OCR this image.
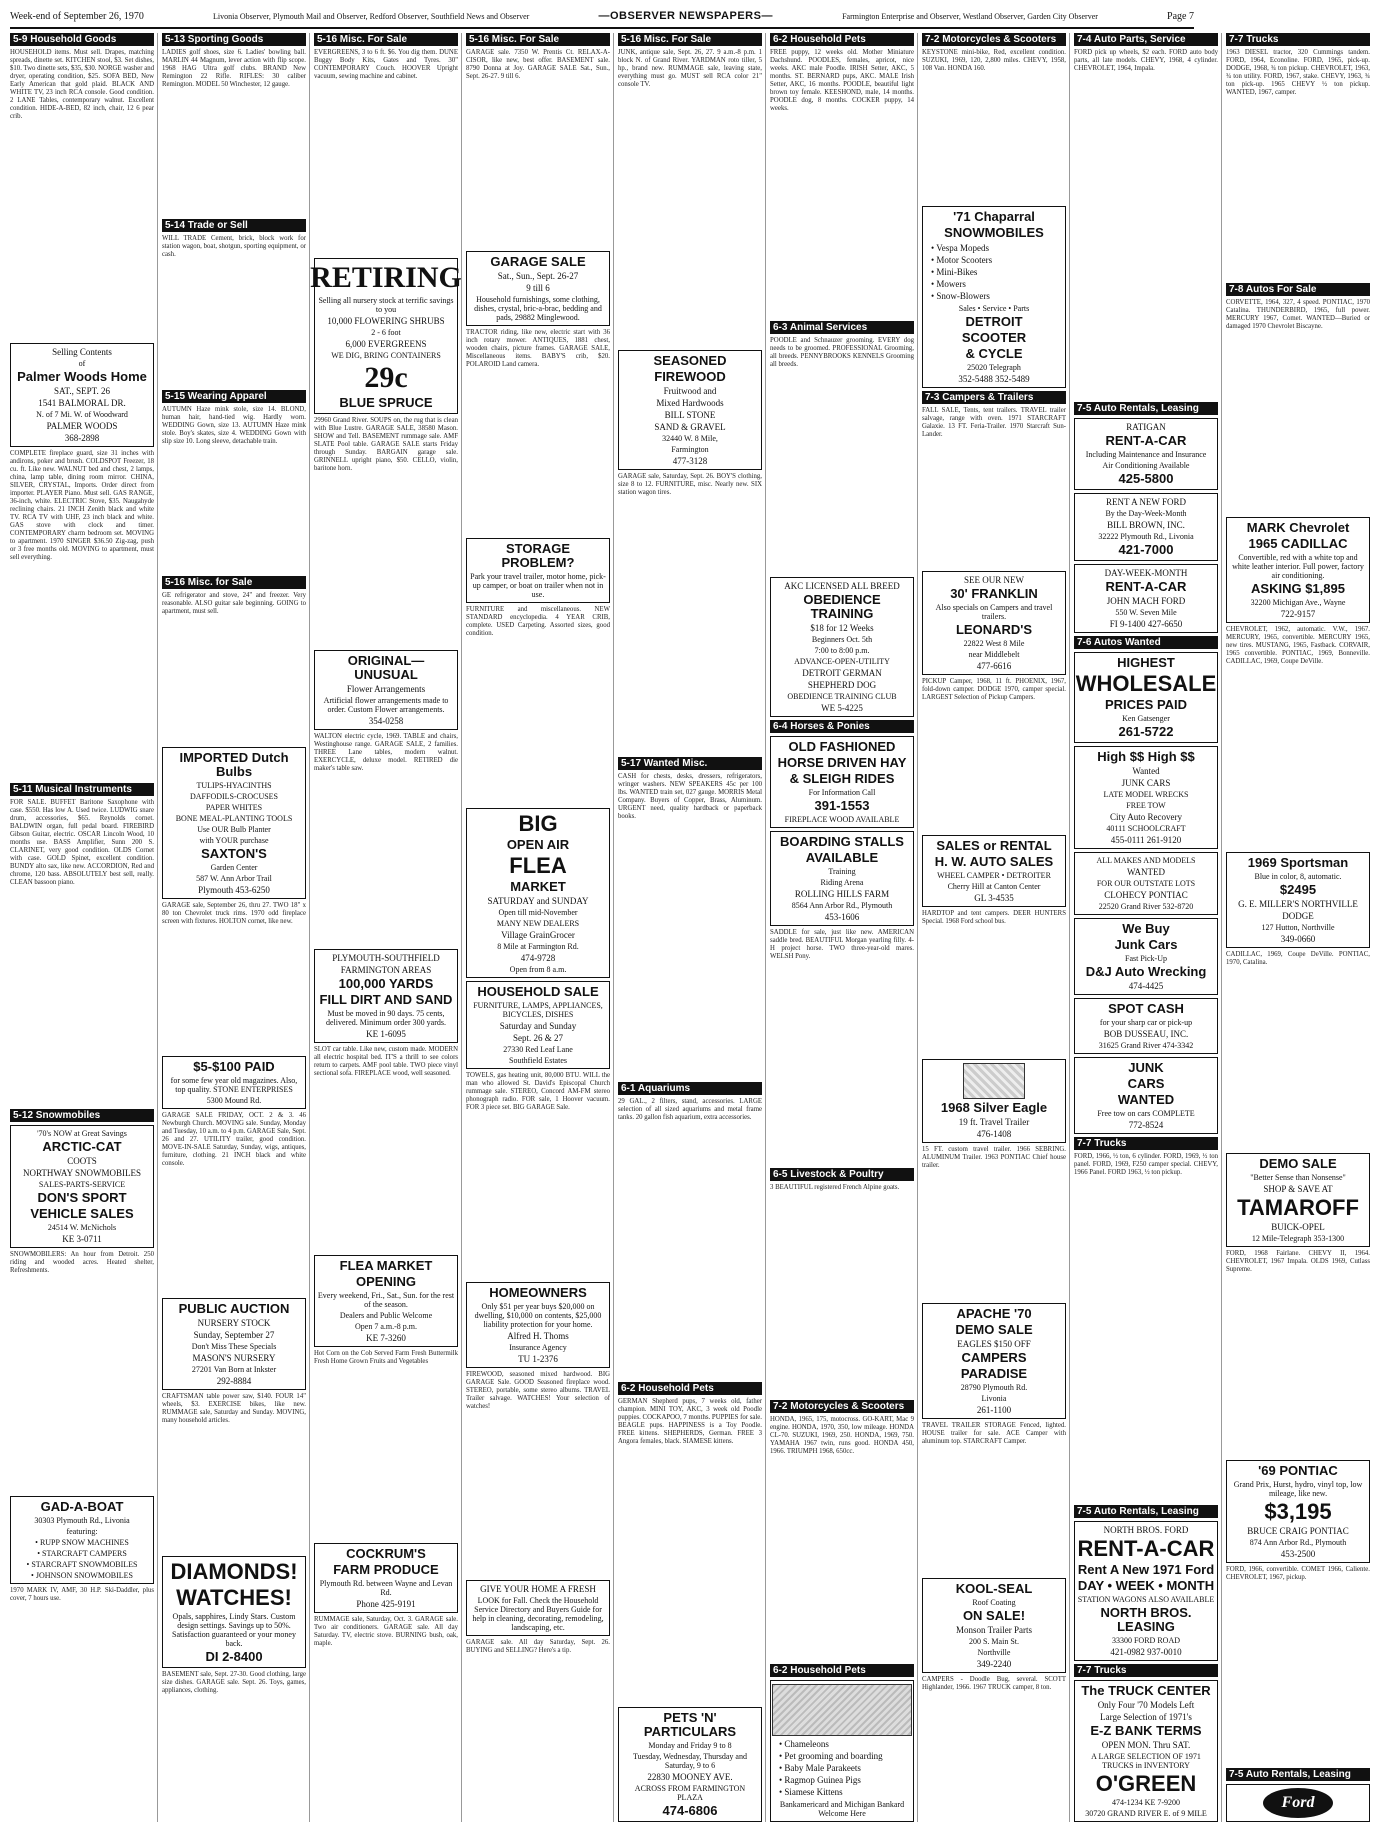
Week-end of September 26, 1970	Livonia Observer, Plymouth Mail and Observer, Redford Observer, Southfield News and Observer	—OBSERVER NEWSPAPERS—	Farmington Enterprise and Observer, Westland Observer, Garden City Observer	Page 7
5-9 Household Goods
HOUSEHOLD items. Must sell. Drapes, matching spreads, dinette set. KITCHEN stool, $3. Set dishes, $10. Two dinette sets, $35, $30. NORGE washer and dryer, operating condition, $25. SOFA BED, New Early American that gold plaid. BLACK AND WHITE TV, 23 inch RCA console. Good condition. 2 LANE Tables, contemporary walnut. Excellent condition. HIDE-A-BED, 82 inch, chair, 12 6 pear crib.
Selling Contents
of
Palmer Woods Home
SAT., SEPT. 26
1541 BALMORAL DR.
N. of 7 Mi. W. of Woodward
PALMER WOODS
368-2898
COMPLETE fireplace guard, size 31 inches with andirons, poker and brush. COLDSPOT Freezer, 18 cu. ft. Like new. WALNUT bed and chest, 2 lamps, china, lamp table, dining room mirror. CHINA, SILVER, CRYSTAL, Imports. Order direct from importer. PLAYER Piano. Must sell. GAS RANGE, 36-inch, white. ELECTRIC Stove, $35. Naugahyde reclining chairs. 21 INCH Zenith black and white TV. RCA TV with UHF, 23 inch black and white. GAS stove with clock and timer. CONTEMPORARY charm bedroom set. MOVING to apartment. 1970 SINGER $36.50 Zig-zag, push or 3 free months old. MOVING to apartment, must sell everything.
5-11 Musical Instruments
FOR SALE. BUFFET Baritone Saxophone with case. $550. Has low A. Used twice. LUDWIG snare drum, accessories, $65. Reynolds cornet. BALDWIN organ, full pedal board. FIREBIRD Gibson Guitar, electric. OSCAR Lincoln Wood, 10 months use. BASS Amplifier, Sunn 200 S. CLARINET, very good condition. OLDS Cornet with case. GOLD Spinet, excellent condition. BUNDY alto sax, like new. ACCORDION, Red and chrome, 120 bass. ABSOLUTELY best sell, really. CLEAN bassoon piano.
5-12 Snowmobiles
'70's NOW at Great Savings
ARCTIC-CAT
COOTS
NORTHWAY SNOWMOBILES
SALES-PARTS-SERVICE
DON'S SPORT
VEHICLE SALES
24514 W. McNichols
KE 3-0711
SNOWMOBILERS: An hour from Detroit. 250 riding and wooded acres. Heated shelter, Refreshments.
GAD-A-BOAT
30303 Plymouth Rd., Livonia
featuring:
• RUPP SNOW MACHINES
• STARCRAFT CAMPERS
• STARCRAFT SNOWMOBILES
• JOHNSON SNOWMOBILES
1970 MARK IV, AMF, 30 H.P. Ski-Daddler, plus cover, 7 hours use.
5-13 Sporting Goods
LADIES golf shoes, size 6. Ladies' bowling ball. MARLIN 44 Magnum, lever action with flip scope. 1968 HAG Ultra golf clubs. BRAND New Remington 22 Rifle. RIFLES: 30 caliber Remington. MODEL 50 Winchester, 12 gauge.
5-14 Trade or Sell
WILL TRADE Cement, brick, block work for station wagon, boat, shotgun, sporting equipment, or cash.
5-15 Wearing Apparel
AUTUMN Haze mink stole, size 14. BLOND, human hair, hand-tied wig. Hardly worn. WEDDING Gown, size 13. AUTUMN Haze mink stole. Boy's skates, size 4. WEDDING Gown with slip size 10. Long sleeve, detachable train.
5-16 Misc. for Sale
GE refrigerator and stove, 24" and freezer. Very reasonable. ALSO guitar sale beginning. GOING to apartment, must sell.
IMPORTED Dutch Bulbs
TULIPS-HYACINTHS
DAFFODILS-CROCUSES
PAPER WHITES
BONE MEAL-PLANTING TOOLS
Use OUR Bulb Planter
with YOUR purchase
SAXTON'S
Garden Center
587 W. Ann Arbor Trail
Plymouth 453-6250
GARAGE sale, September 26, thru 27. TWO 18" x 80 ton Chevrolet truck rims. 1970 odd fireplace screen with fixtures. HOLTON cornet, like new.
$5-$100 PAID
for some few year old magazines. Also, top quality. STONE ENTERPRISES
5300 Mound Rd.
GARAGE SALE FRIDAY, OCT. 2 & 3. 46 Newburgh Church. MOVING sale. Sunday, Monday and Tuesday, 10 a.m. to 4 p.m. GARAGE Sale, Sept. 26 and 27. UTILITY trailer, good condition. MOVE-IN-SALE Saturday, Sunday, wigs, antiques, furniture, clothing. 21 INCH black and white console.
PUBLIC AUCTION
NURSERY STOCK
Sunday, September 27
Don't Miss These Specials
MASON'S NURSERY
27201 Van Born at Inkster
292-8884
CRAFTSMAN table power saw, $140. FOUR 14" wheels, $3. EXERCISE bikes, like new. RUMMAGE sale, Saturday and Sunday. MOVING, many household articles.
DIAMONDS!
WATCHES!
Opals, sapphires, Lindy Stars. Custom design settings. Savings up to 50%. Satisfaction guaranteed or your money back.
DI 2-8400
BASEMENT sale, Sept. 27-30. Good clothing, large size dishes. GARAGE sale. Sept. 26. Toys, games, appliances, clothing.
5-16 Misc. For Sale
EVERGREENS, 3 to 6 ft. $6. You dig them. DUNE Buggy Body Kits, Gates and Tyres. 30" CONTEMPORARY Couch. HOOVER Upright vacuum, sewing machine and cabinet.
RETIRING
Selling all nursery stock at terrific savings to you
10,000 FLOWERING SHRUBS
2 - 6 foot
6,000 EVERGREENS
WE DIG, BRING CONTAINERS
29c
BLUE SPRUCE
29960 Grand River. SOUPS on, the rug that is clean with Blue Lustre. GARAGE SALE, 38580 Mason. SHOW and Tell. BASEMENT rummage sale. AMF SLATE Pool table. GARAGE SALE starts Friday through Sunday. BARGAIN garage sale. GRINNELL upright piano, $50. CELLO, violin, baritone horn.
ORIGINAL—UNUSUAL
Flower Arrangements
Artificial flower arrangements made to order. Custom Flower arrangements.
354-0258
WALTON electric cycle, 1969. TABLE and chairs, Westinghouse range. GARAGE SALE, 2 families. THREE Lane tables, modern walnut. EXERCYCLE, deluxe model. RETIRED die maker's table saw.
PLYMOUTH-SOUTHFIELD
FARMINGTON AREAS
100,000 YARDS
FILL DIRT AND SAND
Must be moved in 90 days. 75 cents, delivered. Minimum order 300 yards.
KE 1-6095
SLOT car table. Like new, custom made. MODERN all electric hospital bed. IT'S a thrill to see colors return to carpets. AMF pool table. TWO piece vinyl sectional sofa. FIREPLACE wood, well seasoned.
FLEA MARKET
OPENING
Every weekend, Fri., Sat., Sun. for the rest of the season.
Dealers and Public Welcome
Open 7 a.m.-8 p.m.
KE 7-3260
Hot Corn on the Cob Served Farm Fresh Buttermilk Fresh Home Grown Fruits and Vegetables
COCKRUM'S
FARM PRODUCE
Plymouth Rd. between Wayne and Levan Rd.
Phone 425-9191
RUMMAGE sale, Saturday, Oct. 3. GARAGE sale. Two air conditioners. GARAGE sale. All day Saturday. TV, electric stove. BURNING bush, oak, maple.
5-16 Misc. For Sale
GARAGE sale. 7350 W. Prentis Ct. RELAX-A-CISOR, like new, best offer. BASEMENT sale. 8790 Donna at Joy. GARAGE SALE Sat., Sun., Sept. 26-27. 9 till 6.
GARAGE SALE
Sat., Sun., Sept. 26-27
9 till 6
Household furnishings, some clothing, dishes, crystal, bric-a-brac, bedding and pads, 29882 Minglewood.
TRACTOR riding, like new, electric start with 36 inch rotary mower. ANTIQUES, 1881 chest, wooden chairs, picture frames. GARAGE SALE, Miscellaneous items. BABY'S crib, $20. POLAROID Land camera.
STORAGE PROBLEM?
Park your travel trailer, motor home, pick-up camper, or boat on trailer when not in use.
FURNITURE and miscellaneous. NEW STANDARD encyclopedia. 4 YEAR CRIB, complete. USED Carpeting. Assorted sizes, good condition.
BIG
OPEN AIR
FLEA
MARKET
SATURDAY and SUNDAY
Open till mid-November
MANY NEW DEALERS
Village GrainGrocer
8 Mile at Farmington Rd.
474-9728
Open from 8 a.m.
HOUSEHOLD SALE
FURNITURE, LAMPS, APPLIANCES, BICYCLES, DISHES
Saturday and Sunday
Sept. 26 & 27
27330 Red Leaf Lane
Southfield Estates
TOWELS, gas heating unit, 80,000 BTU. WILL the man who allowed St. David's Episcopal Church rummage sale. STEREO, Concord AM-FM stereo phonograph radio. FOR sale, 1 Hoover vacuum. FOR 3 piece set. BIG GARAGE Sale.
HOMEOWNERS
Only $51 per year buys $20,000 on dwelling, $10,000 on contents, $25,000 liability protection for your home.
Alfred H. Thoms
Insurance Agency
TU 1-2376
FIREWOOD, seasoned mixed hardwood. BIG GARAGE Sale. GOOD Seasoned fireplace wood. STEREO, portable, some stereo albums. TRAVEL Trailer salvage. WATCHES! Your selection of watches!
GIVE YOUR HOME A FRESH
LOOK for Fall. Check the Household Service Directory and Buyers Guide for help in cleaning, decorating, remodeling, landscaping, etc.
GARAGE sale. All day Saturday, Sept. 26. BUYING and SELLING? Here's a tip.
5-16 Misc. For Sale
JUNK, antique sale, Sept. 26, 27. 9 a.m.-8 p.m. 1 block N. of Grand River. YARDMAN roto tiller, 5 hp., brand new. RUMMAGE sale, leaving state, everything must go. MUST sell RCA color 21" console TV.
SEASONED
FIREWOOD
Fruitwood and
Mixed Hardwoods
BILL STONE
SAND & GRAVEL
32440 W. 8 Mile,
Farmington
477-3128
GARAGE sale, Saturday, Sept. 26. BOY'S clothing, size 8 to 12. FURNITURE, misc. Nearly new. SIX station wagon tires.
5-17 Wanted Misc.
CASH for chests, desks, dressers, refrigerators, wringer washers. NEW SPEAKERS 45c per 100 lbs. WANTED train set, 027 gauge. MORRIS Metal Company. Buyers of Copper, Brass, Aluminum. URGENT need, quality hardback or paperback books.
6-1 Aquariums
29 GAL., 2 filters, stand, accessories. LARGE selection of all sized aquariums and metal frame tanks. 20 gallon fish aquarium, extra accessories.
6-2 Household Pets
GERMAN Shepherd pups, 7 weeks old, father champion. MINI TOY, AKC, 3 week old Poodle puppies. COCKAPOO, 7 months. PUPPIES for sale. BEAGLE pups. HAPPINESS is a Toy Poodle. FREE kittens. SHEPHERDS, German. FREE 3 Angora females, black. SIAMESE kittens.
PETS 'N' PARTICULARS
Monday and Friday 9 to 8
Tuesday, Wednesday, Thursday and Saturday, 9 to 6
22830 MOONEY AVE.
ACROSS FROM FARMINGTON PLAZA
474-6806
6-2 Household Pets
FREE puppy, 12 weeks old. Mother Miniature Dachshund. POODLES, females, apricot, nice weeks. AKC male Poodle. IRISH Setter, AKC, 5 months. ST. BERNARD pups, AKC. MALE Irish Setter, AKC, 16 months. POODLE, beautiful light brown toy female. KEESHOND, male, 14 months. POODLE dog, 8 months. COCKER puppy, 14 weeks.
6-3 Animal Services
POODLE and Schnauzer grooming. EVERY dog needs to be groomed. PROFESSIONAL Grooming, all breeds. PENNYBROOKS KENNELS Grooming all breeds.
AKC LICENSED ALL BREED
OBEDIENCE TRAINING
$18 for 12 Weeks
Beginners Oct. 5th
7:00 to 8:00 p.m.
ADVANCE-OPEN-UTILITY
DETROIT GERMAN
SHEPHERD DOG
OBEDIENCE TRAINING CLUB
WE 5-4225
6-4 Horses & Ponies
OLD FASHIONED
HORSE DRIVEN HAY
& SLEIGH RIDES
For Information Call
391-1553
FIREPLACE WOOD AVAILABLE
BOARDING STALLS
AVAILABLE
Training
Riding Arena
ROLLING HILLS FARM
8564 Ann Arbor Rd., Plymouth
453-1606
SADDLE for sale, just like new. AMERICAN saddle bred. BEAUTIFUL Morgan yearling filly. 4-H project horse. TWO three-year-old mares. WELSH Pony.
6-5 Livestock & Poultry
3 BEAUTIFUL registered French Alpine goats.
7-2 Motorcycles & Scooters
HONDA, 1965, 175, motocross. GO-KART, Mac 9 engine. HONDA, 1970, 350, low mileage. HONDA CL-70. SUZUKI, 1969, 250. HONDA, 1969, 750. YAMAHA 1967 twin, runs good. HONDA 450, 1966. TRIUMPH 1968, 650cc.
6-2 Household Pets
• Chameleons
• Pet grooming and boarding
• Baby Male Parakeets
• Ragmop Guinea Pigs
• Siamese Kittens
Bankamericard and Michigan Bankard Welcome Here
7-2 Motorcycles & Scooters
KEYSTONE mini-bike, Red, excellent condition. SUZUKI, 1969, 120, 2,800 miles. CHEVY, 1958, 108 Van. HONDA 160.
'71 Chaparral
SNOWMOBILES
• Vespa Mopeds
• Motor Scooters
• Mini-Bikes
• Mowers
• Snow-Blowers
Sales • Service • Parts
DETROIT
SCOOTER
& CYCLE
25020 Telegraph
352-5488 352-5489
7-3 Campers & Trailers
FALL SALE, Tents, tent trailers. TRAVEL trailer salvage, range with oven. 1971 STARCRAFT Galaxie. 13 FT. Feria-Trailer. 1970 Starcraft Sun-Lander.
SEE OUR NEW
30' FRANKLIN
Also specials on Campers and travel trailers.
LEONARD'S
22822 West 8 Mile
near Middlebelt
477-6616
PICKUP Camper, 1968, 11 ft. PHOENIX, 1967, fold-down camper. DODGE 1970, camper special. LARGEST Selection of Pickup Campers.
SALES or RENTAL
H. W. AUTO SALES
WHEEL CAMPER • DETROITER
Cherry Hill at Canton Center
GL 3-4535
HARDTOP and tent campers. DEER HUNTERS Special. 1968 Ford school bus.
1968 Silver Eagle
19 ft. Travel Trailer
476-1408
15 FT. custom travel trailer. 1966 SEBRING. ALUMINUM Trailer. 1963 PONTIAC Chief house trailer.
APACHE '70
DEMO SALE
EAGLES $150 OFF
CAMPERS
PARADISE
28790 Plymouth Rd.
Livonia
261-1100
TRAVEL TRAILER STORAGE Fenced, lighted. HOUSE trailer for sale. ACE Camper with aluminum top. STARCRAFT Camper.
KOOL-SEAL
Roof Coating
ON SALE!
Monson Trailer Parts
200 S. Main St.
Northville
349-2240
CAMPERS - Doodle Bug, several. SCOTT Highlander, 1966. 1967 TRUCK camper, 8 ton.
7-4 Auto Parts, Service
FORD pick up wheels, $2 each. FORD auto body parts, all late models. CHEVY, 1968, 4 cylinder. CHEVROLET, 1964, Impala.
7-5 Auto Rentals, Leasing
RATIGAN
RENT-A-CAR
Including Maintenance and Insurance
Air Conditioning Available
425-5800
RENT A NEW FORD
By the Day-Week-Month
BILL BROWN, INC.
32222 Plymouth Rd., Livonia
421-7000
DAY-WEEK-MONTH
RENT-A-CAR
JOHN MACH FORD
550 W. Seven Mile
FI 9-1400 427-6650
7-6 Autos Wanted
HIGHEST
WHOLESALE
PRICES PAID
Ken Gatsenger
261-5722
High $$ High $$
Wanted
JUNK CARS
LATE MODEL WRECKS
FREE TOW
City Auto Recovery
40111 SCHOOLCRAFT
455-0111 261-9120
ALL MAKES AND MODELS
WANTED
FOR OUR OUTSTATE LOTS
CLOHECY PONTIAC
22520 Grand River 532-8720
We Buy
Junk Cars
Fast Pick-Up
D&J Auto Wrecking
474-4425
SPOT CASH
for your sharp car or pick-up
BOB DUSSEAU, INC.
31625 Grand River 474-3342
JUNK
CARS
WANTED
Free tow on cars COMPLETE
772-8524
7-7 Trucks
FORD, 1966, ½ ton, 6 cylinder. FORD, 1969, ½ ton panel. FORD, 1969, F250 camper special. CHEVY, 1966 Panel. FORD 1963, ½ ton pickup.
7-5 Auto Rentals, Leasing
NORTH BROS. FORD
RENT-A-CAR
Rent A New 1971 Ford
DAY • WEEK • MONTH
STATION WAGONS ALSO AVAILABLE
NORTH BROS. LEASING
33300 FORD ROAD
421-0982 937-0010
7-7 Trucks
The TRUCK CENTER
Only Four '70 Models Left
Large Selection of 1971's
E-Z BANK TERMS
OPEN MON. Thru SAT.
A LARGE SELECTION OF 1971 TRUCKS in INVENTORY
O'GREEN
474-1234 KE 7-9200
30720 GRAND RIVER E. of 9 MILE
7-7 Trucks
1963 DIESEL tractor, 320 Cummings tandem. FORD, 1964, Econoline. FORD, 1965, pick-up. DODGE, 1968, ¾ ton pickup. CHEVROLET, 1963, ¾ ton utility. FORD, 1967, stake. CHEVY, 1963, ¾ ton pick-up. 1965 CHEVY ½ ton pickup. WANTED, 1967, camper.
7-8 Autos For Sale
CORVETTE, 1964, 327, 4 speed. PONTIAC, 1970 Catalina. THUNDERBIRD, 1965, full power. MERCURY 1967, Comet. WANTED—Buried or damaged 1970 Chevrolet Biscayne.
MARK Chevrolet
1965 CADILLAC
Convertible, red with a white top and white leather interior. Full power, factory air conditioning.
ASKING $1,895
32200 Michigan Ave., Wayne
722-9157
CHEVROLET, 1962, automatic. V.W., 1967. MERCURY, 1965, convertible. MERCURY 1965, new tires. MUSTANG, 1965, Fastback. CORVAIR, 1965 convertible. PONTIAC, 1969, Bonneville. CADILLAC, 1969, Coupe DeVille.
1969 Sportsman
Blue in color, 8, automatic.
$2495
G. E. MILLER'S NORTHVILLE
DODGE
127 Hutton, Northville
349-0660
CADILLAC, 1969, Coupe DeVille. PONTIAC, 1970, Catalina.
DEMO SALE
"Better Sense than Nonsense"
SHOP & SAVE AT
TAMAROFF
BUICK-OPEL
12 Mile-Telegraph 353-1300
FORD, 1968 Fairlane. CHEVY II, 1964. CHEVROLET, 1967 Impala. OLDS 1969, Cutlass Supreme.
'69 PONTIAC
Grand Prix, Hurst, hydro, vinyl top, low mileage, like new.
$3,195
BRUCE CRAIG PONTIAC
874 Ann Arbor Rd., Plymouth
453-2500
FORD, 1966, convertible. COMET 1966, Caliente. CHEVROLET, 1967, pickup.
7-5 Auto Rentals, Leasing
Ford
